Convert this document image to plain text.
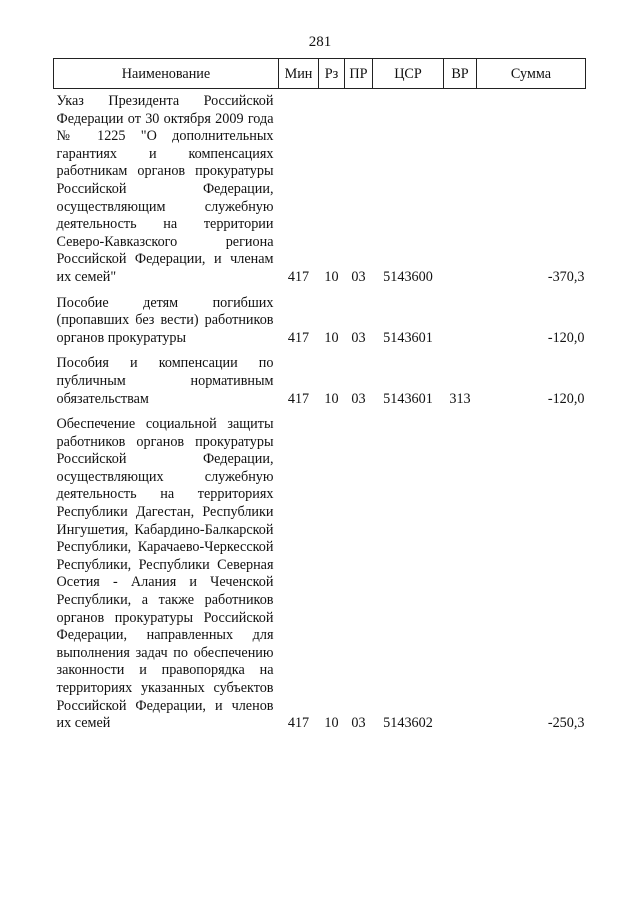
281
Наименование	Мин	Рз	ПР	ЦСР	ВР	Сумма
Указ Президента Российской Федерации от 30 октября 2009 года № 1225 "О дополнительных гарантиях и компенсациях работникам органов прокуратуры Российской Федерации, осуществляющим служебную деятельность на территории Северо-Кавказского региона Российской Федерации, и членам их семей"	417	10	03	5143600		-370,3

Пособие детям погибших (пропавших без вести) работников органов прокуратуры	417	10	03	5143601		-120,0

Пособия и компенсации по публичным нормативным обязательствам	417	10	03	5143601	313	-120,0

Обеспечение социальной защиты работников органов прокуратуры Российской Федерации, осуществляющих служебную деятельность на территориях Республики Дагестан, Республики Ингушетия, Кабардино-Балкарской Республики, Карачаево-Черкесской Республики, Республики Северная Осетия - Алания и Чеченской Республики, а также работников органов прокуратуры Российской Федерации, направленных для выполнения задач по обеспечению законности и правопорядка на территориях указанных субъектов Российской Федерации, и членов их семей	417	10	03	5143602		-250,3
